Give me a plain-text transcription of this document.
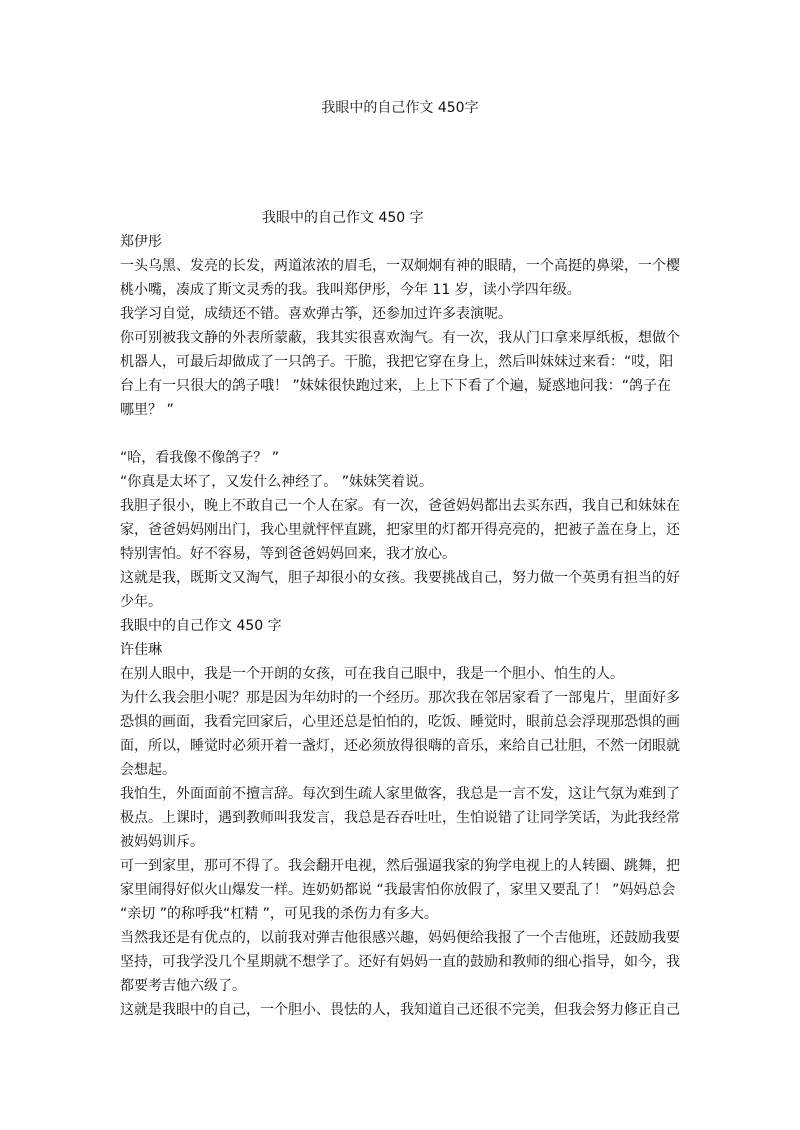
我眼中的自己作文 450字

我眼中的自己作文 450 字

郑伊彤

一头乌黑、发亮的长发，两道浓浓的眉毛，一双炯炯有神的眼睛，一个高挺的鼻梁，一个樱桃小嘴，凑成了斯文灵秀的我。我叫郑伊彤，今年 11 岁，读小学四年级。

我学习自觉，成绩还不错。喜欢弹古筝，还参加过许多表演呢。

你可别被我文静的外表所蒙蔽，我其实很喜欢淘气。有一次，我从门口拿来厚纸板，想做个机器人，可最后却做成了一只鸽子。干脆，我把它穿在身上，然后叫妹妹过来看：“哎，阳台上有一只很大的鸽子哦！ ”妹妹很快跑过来，上上下下看了个遍，疑惑地问我：“鸽子在哪里？ ”

“哈，看我像不像鸽子？ ”

“你真是太坏了，又发什么神经了。 ”妹妹笑着说。

我胆子很小，晚上不敢自己一个人在家。有一次，爸爸妈妈都出去买东西，我自己和妹妹在家，爸爸妈妈刚出门，我心里就怦怦直跳，把家里的灯都开得亮亮的，把被子盖在身上，还特别害怕。好不容易，等到爸爸妈妈回来，我才放心。

这就是我，既斯文又淘气，胆子却很小的女孩。我要挑战自己，努力做一个英勇有担当的好少年。

我眼中的自己作文 450 字

许佳琳

在别人眼中，我是一个开朗的女孩，可在我自己眼中，我是一个胆小、怕生的人。

为什么我会胆小呢？那是因为年幼时的一个经历。那次我在邻居家看了一部鬼片，里面好多恐惧的画面，我看完回家后，心里还总是怕怕的，吃饭、睡觉时，眼前总会浮现那恐惧的画面，所以，睡觉时必须开着一盏灯，还必须放得很嗨的音乐，来给自己壮胆，不然一闭眼就会想起。

我怕生，外面面前不擅言辞。每次到生疏人家里做客，我总是一言不发，这让气氛为难到了极点。上课时，遇到教师叫我发言，我总是吞吞吐吐，生怕说错了让同学笑话，为此我经常被妈妈训斥。

可一到家里，那可不得了。我会翻开电视，然后强逼我家的狗学电视上的人转圈、跳舞，把家里闹得好似火山爆发一样。连奶奶都说 “我最害怕你放假了，家里又要乱了！ ”妈妈总会 “亲切 ”的称呼我“杠精 ”，可见我的杀伤力有多大。

当然我还是有优点的，以前我对弹吉他很感兴趣，妈妈便给我报了一个吉他班，还鼓励我要坚持，可我学没几个星期就不想学了。还好有妈妈一直的鼓励和教师的细心指导，如今，我都要考吉他六级了。

这就是我眼中的自己，一个胆小、畏怯的人，我知道自己还很不完美，但我会努力修正自己
